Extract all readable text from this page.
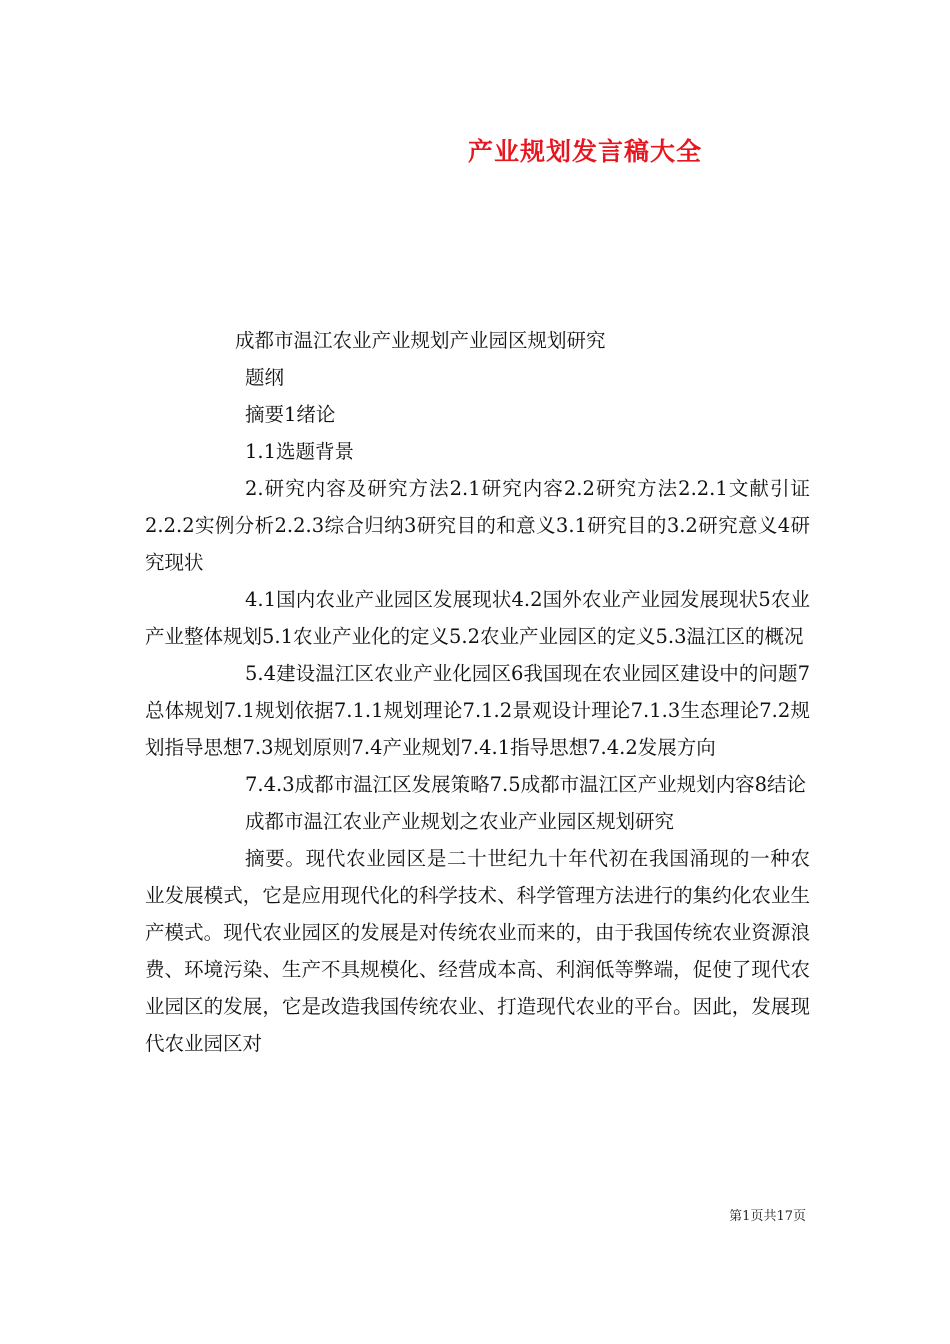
产业规划发言稿大全

成都市温江农业产业规划产业园区规划研究

题纲

摘要1绪论

1.1选题背景

2.研究内容及研究方法2.1研究内容2.2研究方法2.2.1文献引证2.2.2实例分析2.2.3综合归纳3研究目的和意义3.1研究目的3.2研究意义4研究现状

4.1国内农业产业园区发展现状4.2国外农业产业园发展现状5农业产业整体规划5.1农业产业化的定义5.2农业产业园区的定义5.3温江区的概况

5.4建设温江区农业产业化园区6我国现在农业园区建设中的问题7总体规划7.1规划依据7.1.1规划理论7.1.2景观设计理论7.1.3生态理论7.2规划指导思想7.3规划原则7.4产业规划7.4.1指导思想7.4.2发展方向

7.4.3成都市温江区发展策略7.5成都市温江区产业规划内容8结论

成都市温江农业产业规划之农业产业园区规划研究

摘要。现代农业园区是二十世纪九十年代初在我国涌现的一种农业发展模式，它是应用现代化的科学技术、科学管理方法进行的集约化农业生产模式。现代农业园区的发展是对传统农业而来的，由于我国传统农业资源浪费、环境污染、生产不具规模化、经营成本高、利润低等弊端，促使了现代农业园区的发展，它是改造我国传统农业、打造现代农业的平台。因此，发展现代农业园区对

第1页共17页
